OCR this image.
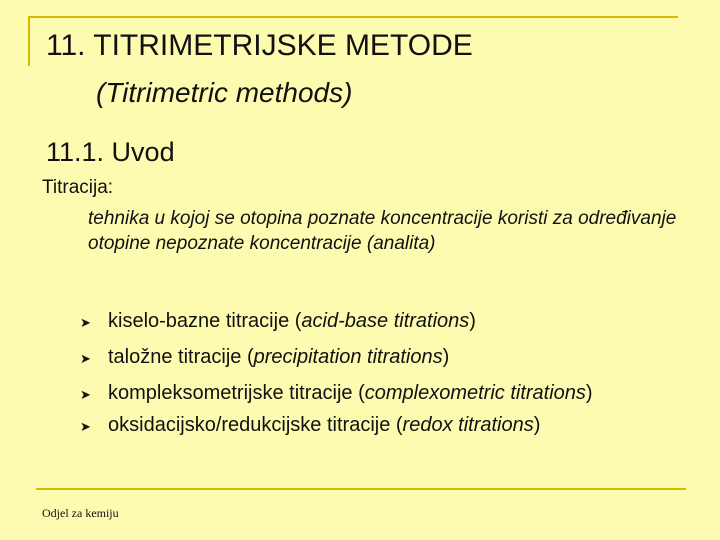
11. TITRIMETRIJSKE METODE
(Titrimetric methods)
11.1. Uvod
Titracija:
tehnika u kojoj se otopina poznate koncentracije koristi za određivanje otopine nepoznate koncentracije (analita)
➤ kiselo-bazne titracije (acid-base titrations)
➤ taložne titracije (precipitation titrations)
➤ kompleksometrijske titracije (complexometric titrations)
➤ oksidacijsko/redukcijske titracije (redox titrations)
Odjel za kemiju
